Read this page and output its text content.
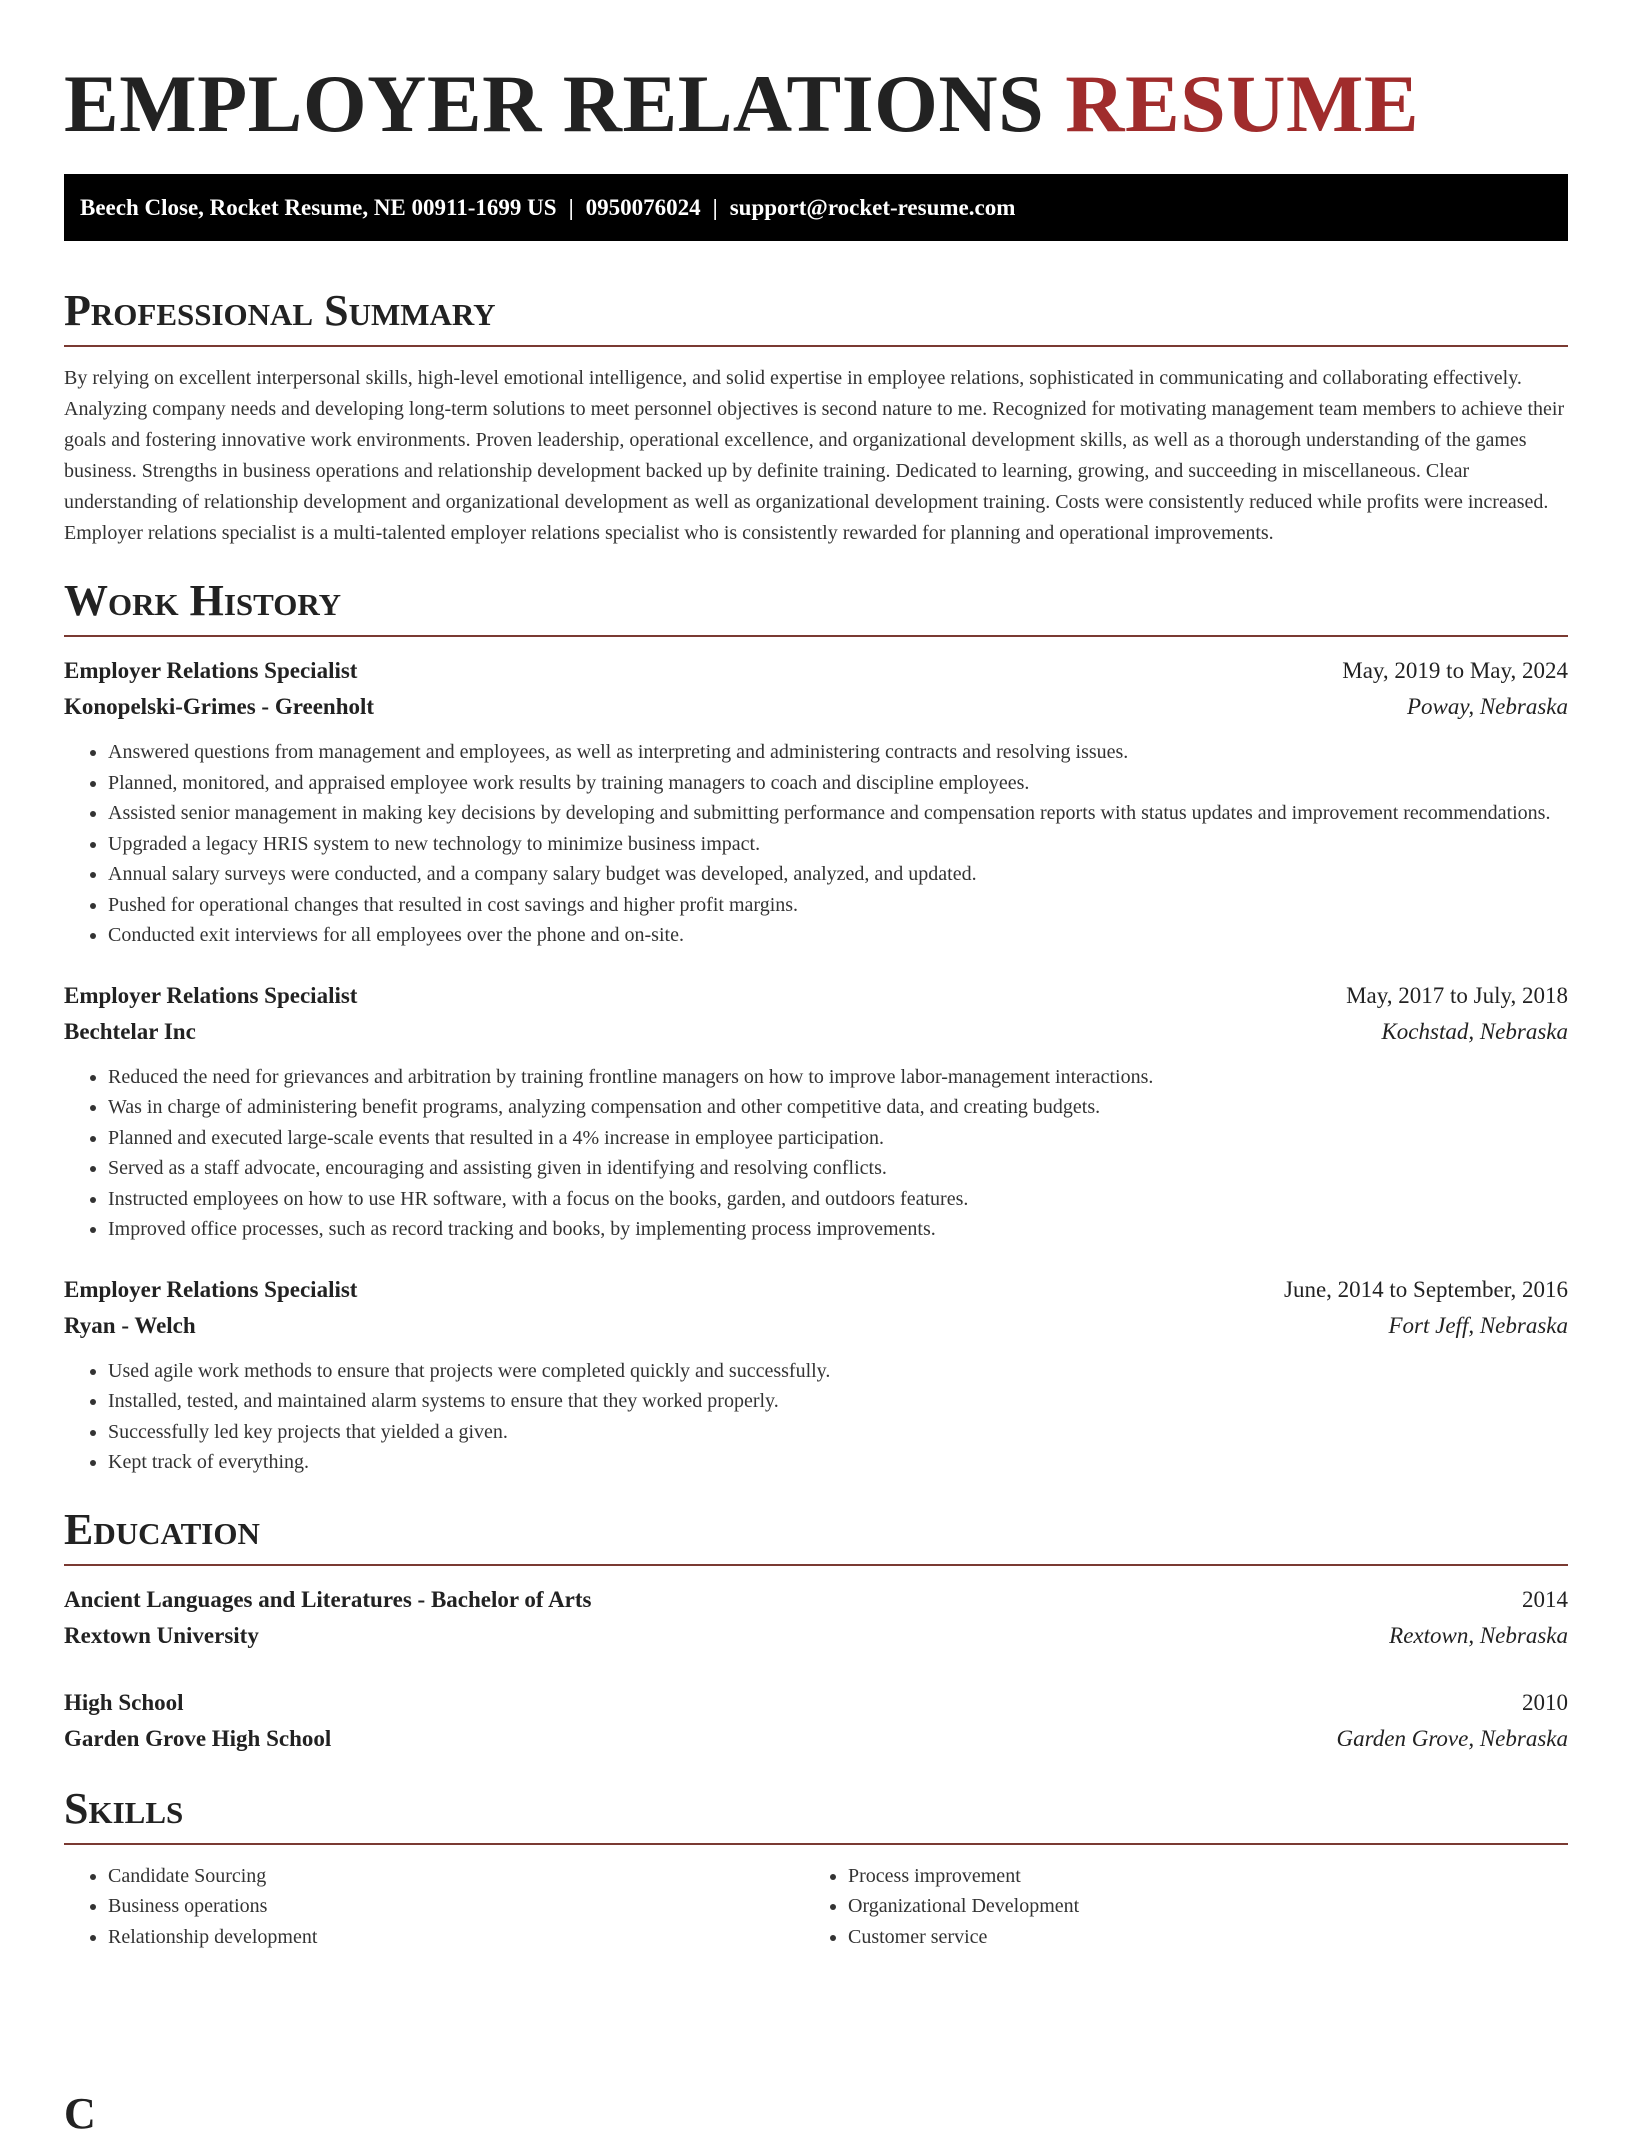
EMPLOYER RELATIONS RESUME
Beech Close, Rocket Resume, NE 00911-1699 US | 0950076024 | support@rocket-resume.com
Professional Summary

By relying on excellent interpersonal skills, high-level emotional intelligence, and solid expertise in employee relations, sophisticated in communicating and collaborating effectively. Analyzing company needs and developing long-term solutions to meet personnel objectives is second nature to me. Recognized for motivating management team members to achieve their goals and fostering innovative work environments. Proven leadership, operational excellence, and organizational development skills, as well as a thorough understanding of the games business. Strengths in business operations and relationship development backed up by definite training. Dedicated to learning, growing, and succeeding in miscellaneous. Clear understanding of relationship development and organizational development as well as organizational development training. Costs were consistently reduced while profits were increased. Employer relations specialist is a multi-talented employer relations specialist who is consistently rewarded for planning and operational improvements.

Work History
Employer Relations Specialist	May, 2019 to May, 2024
Konopelski-Grimes - Greenholt	Poway, Nebraska
• Answered questions from management and employees, as well as interpreting and administering contracts and resolving issues.
• Planned, monitored, and appraised employee work results by training managers to coach and discipline employees.
• Assisted senior management in making key decisions by developing and submitting performance and compensation reports with status updates and improvement recommendations.
• Upgraded a legacy HRIS system to new technology to minimize business impact.
• Annual salary surveys were conducted, and a company salary budget was developed, analyzed, and updated.
• Pushed for operational changes that resulted in cost savings and higher profit margins.
• Conducted exit interviews for all employees over the phone and on-site.
Employer Relations Specialist	May, 2017 to July, 2018
Bechtelar Inc	Kochstad, Nebraska
• Reduced the need for grievances and arbitration by training frontline managers on how to improve labor-management interactions.
• Was in charge of administering benefit programs, analyzing compensation and other competitive data, and creating budgets.
• Planned and executed large-scale events that resulted in a 4% increase in employee participation.
• Served as a staff advocate, encouraging and assisting given in identifying and resolving conflicts.
• Instructed employees on how to use HR software, with a focus on the books, garden, and outdoors features.
• Improved office processes, such as record tracking and books, by implementing process improvements.
Employer Relations Specialist	June, 2014 to September, 2016
Ryan - Welch	Fort Jeff, Nebraska
• Used agile work methods to ensure that projects were completed quickly and successfully.
• Installed, tested, and maintained alarm systems to ensure that they worked properly.
• Successfully led key projects that yielded a given.
• Kept track of everything.
Education
Ancient Languages and Literatures - Bachelor of Arts	2014
Rextown University	Rextown, Nebraska
High School	2010
Garden Grove High School	Garden Grove, Nebraska
Skills
• Candidate Sourcing
• Business operations
• Relationship development
• Process improvement
• Organizational Development
• Customer service
C
